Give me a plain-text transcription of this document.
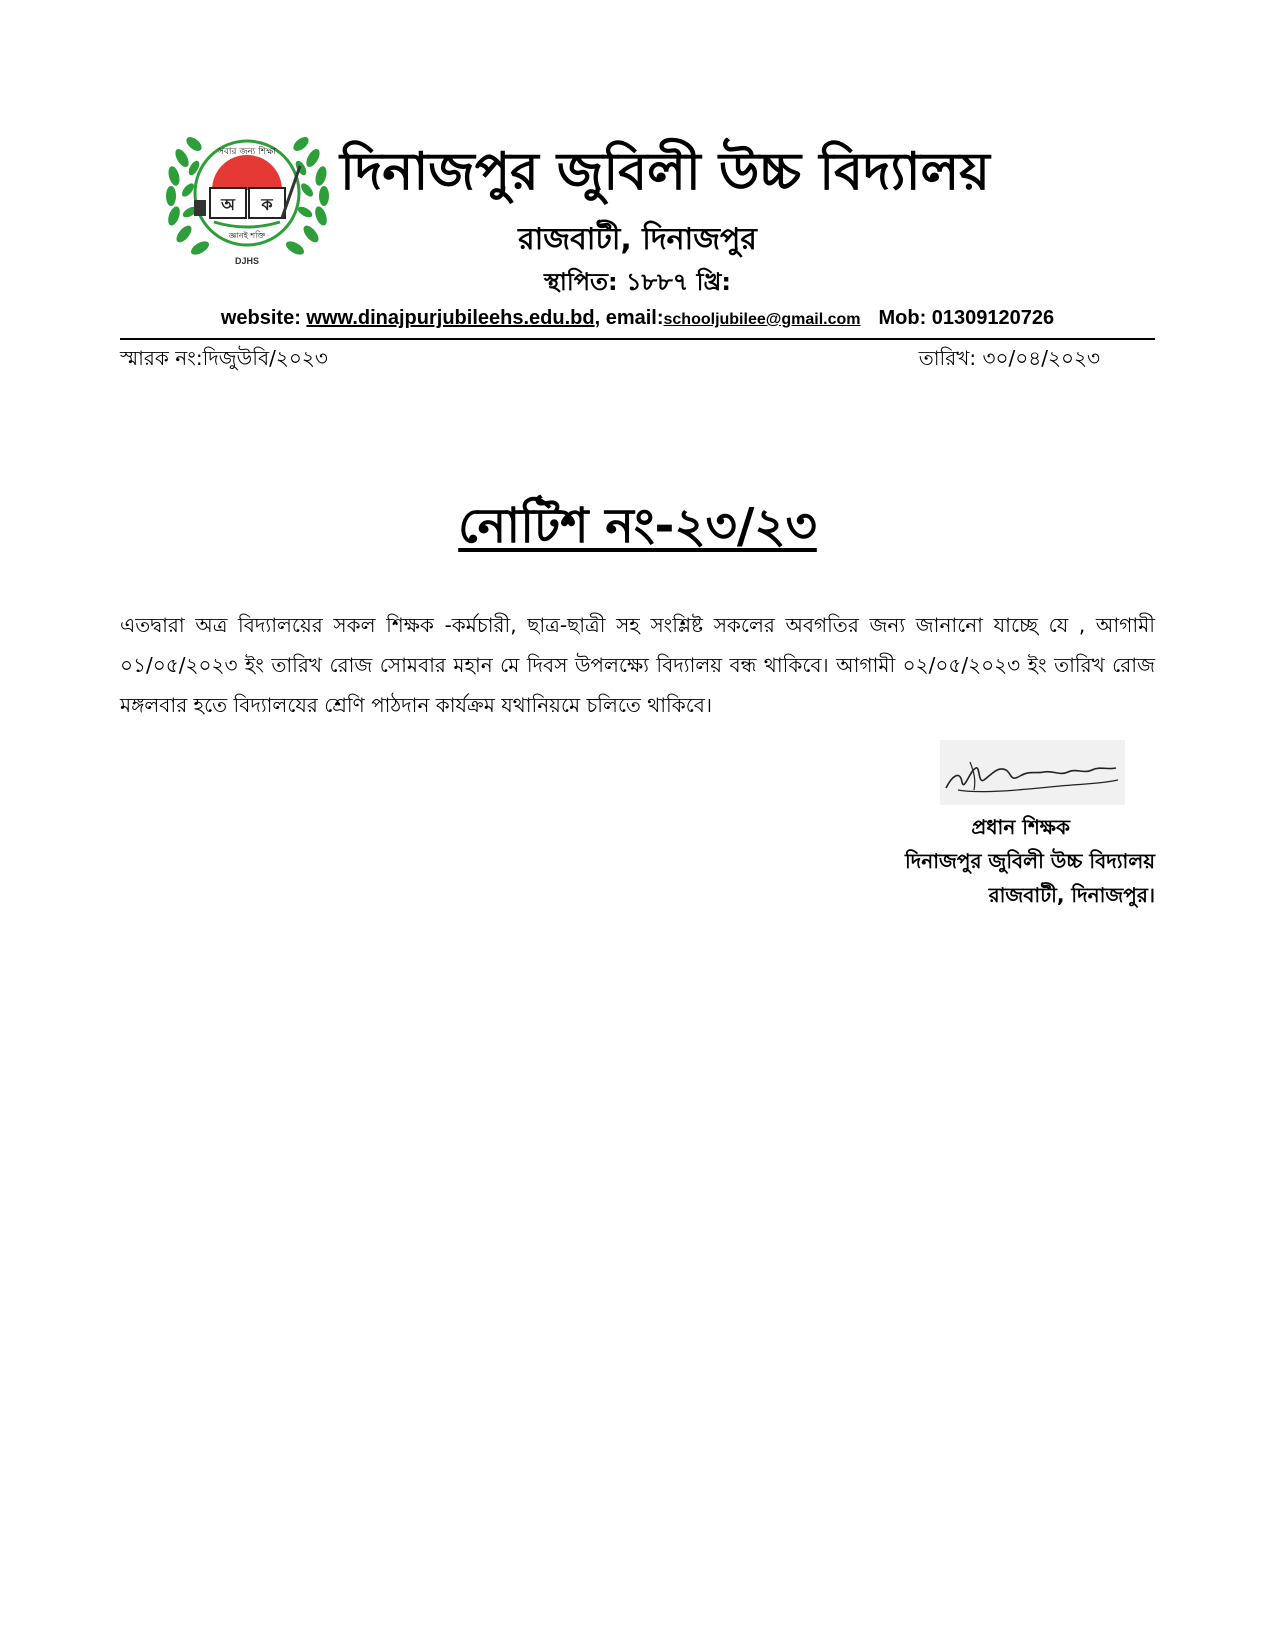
অ ক
সবার জন্য শিক্ষা
জ্ঞানই শক্তি
DJHS
দিনাজপুর জুবিলী উচ্চ বিদ্যালয়
রাজবাটী, দিনাজপুর
স্থাপিত: ১৮৮৭ খ্রি:
website: www.dinajpurjubileehs.edu.bd, email:schooljubilee@gmail.com Mob: 01309120726
স্মারক নং:দিজুউবি/২০২৩	তারিখ: ৩০/০৪/২০২৩
নোটিশ নং-২৩/২৩
এতদ্বারা অত্র বিদ্যালয়ের সকল শিক্ষক -কর্মচারী, ছাত্র-ছাত্রী সহ সংশ্লিষ্ট সকলের অবগতির জন্য জানানো যাচ্ছে যে , আগামী ০১/০৫/২০২৩ ইং তারিখ রোজ সোমবার মহান মে দিবস উপলক্ষ্যে বিদ্যালয় বন্ধ থাকিবে। আগামী ০২/০৫/২০২৩ ইং তারিখ রোজ মঙ্গলবার হতে বিদ্যালযের শ্রেণি পাঠদান কার্যক্রম যথানিয়মে চলিতে থাকিবে।
প্রধান শিক্ষক
দিনাজপুর জুবিলী উচ্চ বিদ্যালয়
রাজবাটী, দিনাজপুর।
